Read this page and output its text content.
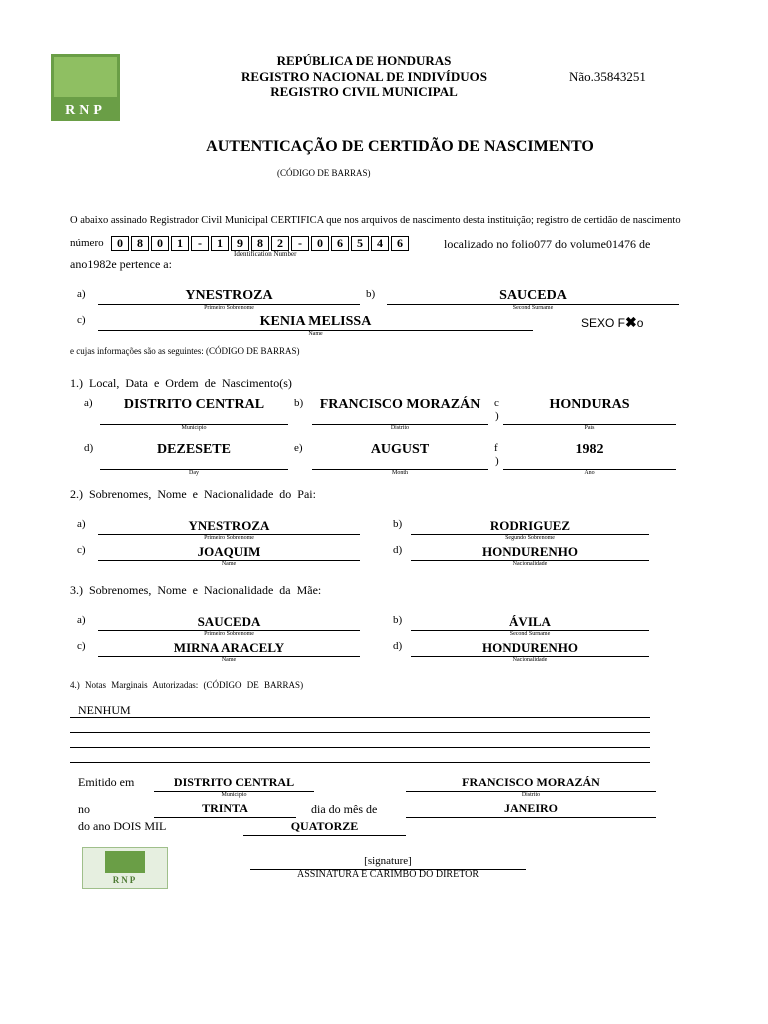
RNP
REPÚBLICA DE HONDURAS
REGISTRO NACIONAL DE INDIVÍDUOS
REGISTRO CIVIL MUNICIPAL
Não.35843251
AUTENTICAÇÃO DE CERTIDÃO DE NASCIMENTO
(CÓDIGO DE BARRAS)
O abaixo assinado Registrador Civil Municipal CERTIFICA que nos arquivos de nascimento desta instituição; registro de certidão de nascimento
número	0 8 0 1 - 1 9 8 2 - 0 6 5 4 6
Identification Number
localizado no folio077 do volume01476 de
ano1982e pertence a:
a)	YNESTROZA
Primeiro Sobrenome
b)	SAUCEDA
Second Surname
c)	KENIA MELISSA
Name
SEXO F✖o
e cujas informações são as seguintes: (CÓDIGO DE BARRAS)
1.) Local, Data e Ordem de Nascimento(s)
a)	DISTRITO CENTRAL
Município
b)	FRANCISCO MORAZÁN
Distrito
c
)
HONDURAS
País
d)	DEZESETE
Day
e)	AUGUST
Month
f
)
1982
Ano
2.) Sobrenomes, Nome e Nacionalidade do Pai:
a)	YNESTROZA
Primeiro Sobrenome
b)	RODRIGUEZ
Segundo Sobrenome
c)	JOAQUIM
Name
d)	HONDURENHO
Nacionalidade
3.) Sobrenomes, Nome e Nacionalidade da Mãe:
a)	SAUCEDA
Primeiro Sobrenome
b)	ÁVILA
Second Surname
c)	MIRNA ARACELY
Name
d)	HONDURENHO
Nacionalidade
4.) Notas Marginais Autorizadas: (CÓDIGO DE BARRAS)
NENHUM
Emitido em	DISTRITO CENTRAL
Município
FRANCISCO MORAZÁN
Distrito
no	TRINTA	dia do mês de	JANEIRO
do ano DOIS MIL	QUATORZE
RNP
[signature]
ASSINATURA E CARIMBO DO DIRETOR
